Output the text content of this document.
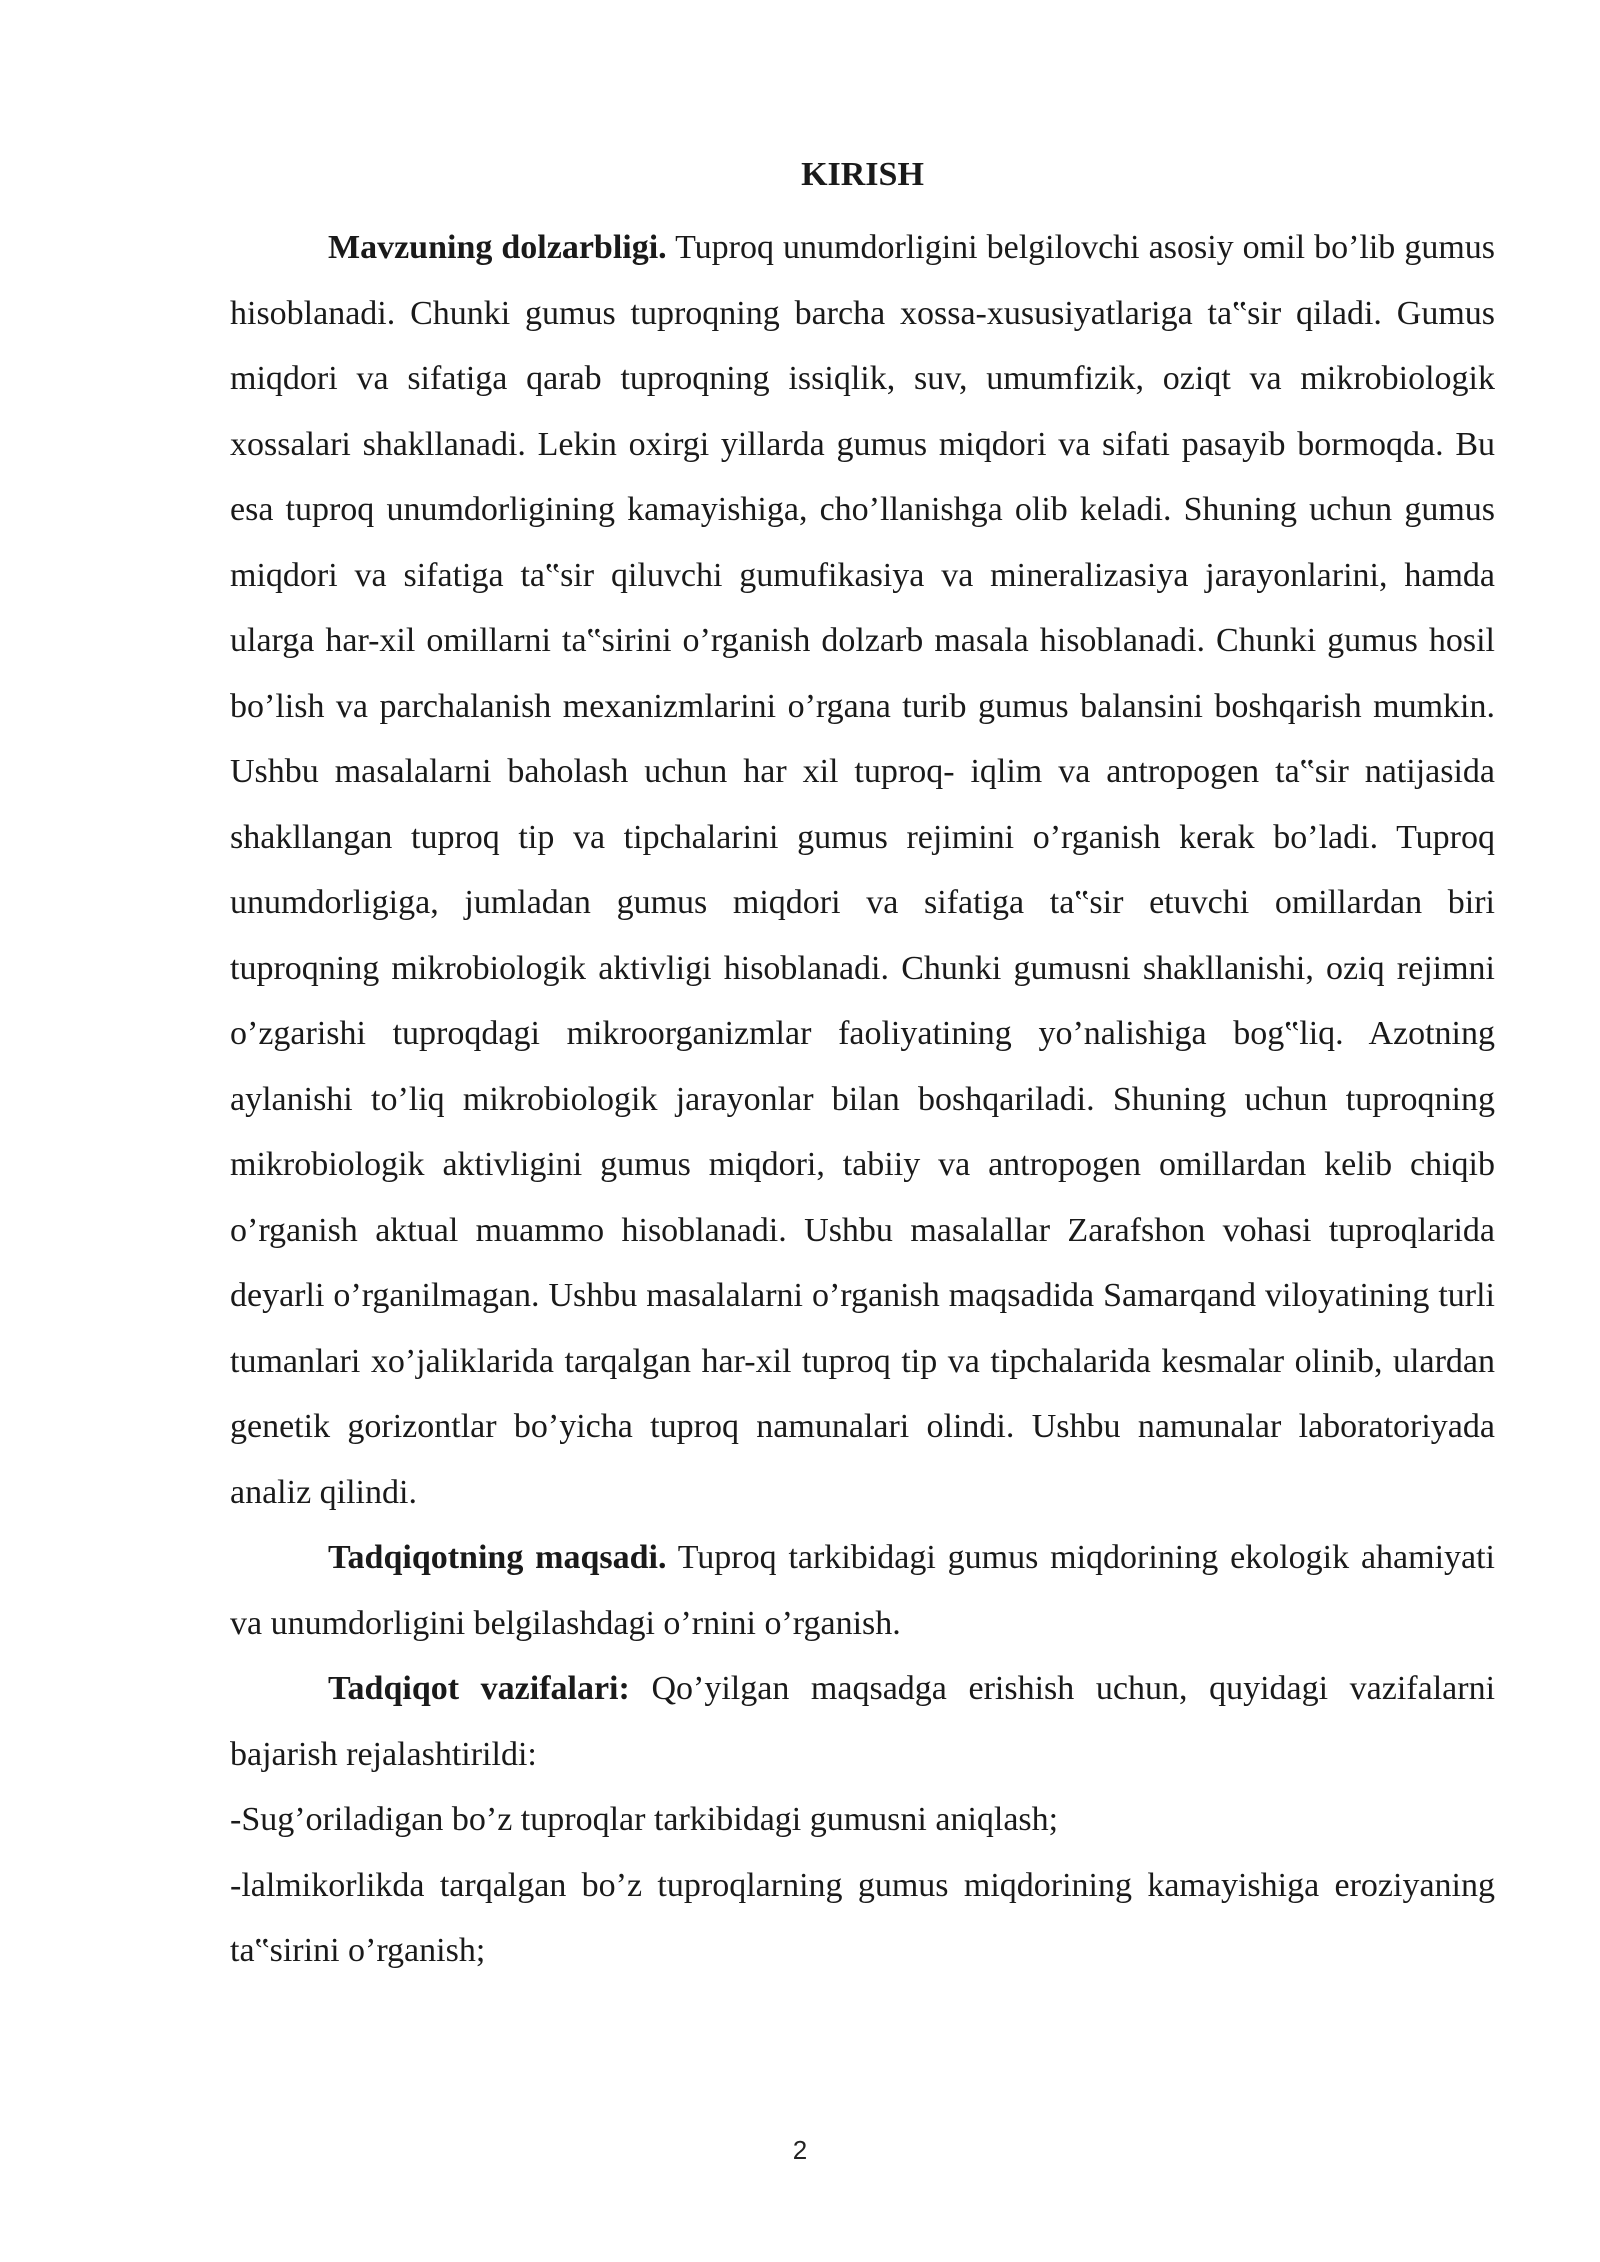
KIRISH

Mavzuning dolzarbligi. Tuproq unumdorligini belgilovchi asosiy omil bo’lib gumus hisoblanadi. Chunki gumus tuproqning barcha xossa-xususiyatlariga ta‟sir qiladi. Gumus miqdori va sifatiga qarab tuproqning issiqlik, suv, umumfizik, oziqt va mikrobiologik xossalari shakllanadi. Lekin oxirgi yillarda gumus miqdori va sifati pasayib bormoqda. Bu esa tuproq unumdorligining kamayishiga, cho’llanishga olib keladi. Shuning uchun gumus miqdori va sifatiga ta‟sir qiluvchi gumufikasiya va mineralizasiya jarayonlarini, hamda ularga har-xil omillarni ta‟sirini o’rganish dolzarb masala hisoblanadi. Chunki gumus hosil bo’lish va parchalanish mexanizmlarini o’rgana turib gumus balansini boshqarish mumkin. Ushbu masalalarni baholash uchun har xil tuproq- iqlim va antropogen ta‟sir natijasida shakllangan tuproq tip va tipchalarini gumus rejimini o’rganish kerak bo’ladi. Tuproq unumdorligiga, jumladan gumus miqdori va sifatiga ta‟sir etuvchi omillardan biri tuproqning mikrobiologik aktivligi hisoblanadi. Chunki gumusni shakllanishi, oziq rejimni o’zgarishi tuproqdagi mikroorganizmlar faoliyatining yo’nalishiga bog‟liq. Azotning aylanishi to’liq mikrobiologik jarayonlar bilan boshqariladi. Shuning uchun tuproqning mikrobiologik aktivligini gumus miqdori, tabiiy va antropogen omillardan kelib chiqib o’rganish aktual muammo hisoblanadi. Ushbu masalallar Zarafshon vohasi tuproqlarida deyarli o’rganilmagan. Ushbu masalalarni o’rganish maqsadida Samarqand viloyatining turli tumanlari xo’jaliklarida tarqalgan har-xil tuproq tip va tipchalarida kesmalar olinib, ulardan genetik gorizontlar bo’yicha tuproq namunalari olindi. Ushbu namunalar laboratoriyada analiz qilindi.

Tadqiqotning maqsadi. Tuproq tarkibidagi gumus miqdorining ekologik ahamiyati va unumdorligini belgilashdagi o’rnini o’rganish.

Tadqiqot vazifalari: Qo’yilgan maqsadga erishish uchun, quyidagi vazifalarni bajarish rejalashtirildi:

-Sug’oriladigan bo’z tuproqlar tarkibidagi gumusni aniqlash;

-lalmikorlikda tarqalgan bo’z tuproqlarning gumus miqdorining kamayishiga eroziyaning ta‟sirini o’rganish;

2
